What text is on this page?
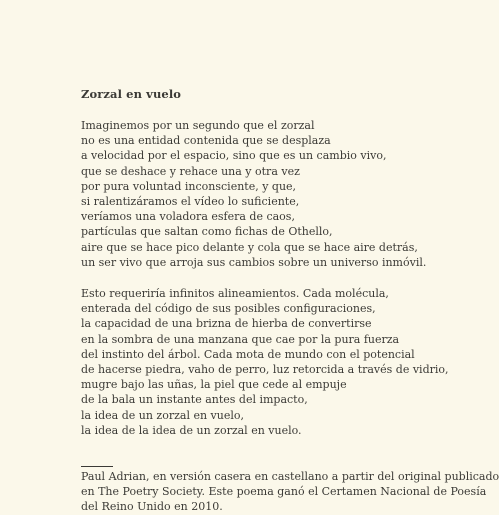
Zorzal en vuelo
Imaginemos por un segundo que el zorzal
no es una entidad contenida que se desplaza
a velocidad por el espacio, sino que es un cambio vivo,
que se deshace y rehace una y otra vez
por pura voluntad inconsciente, y que,
si ralentizáramos el vídeo lo suficiente,
veríamos una voladora esfera de caos,
partículas que saltan como fichas de Othello,
aire que se hace pico delante y cola que se hace aire detrás,
un ser vivo que arroja sus cambios sobre un universo inmóvil.
Esto requeriría infinitos alineamientos. Cada molécula,
enterada del código de sus posibles configuraciones,
la capacidad de una brizna de hierba de convertirse
en la sombra de una manzana que cae por la pura fuerza
del instinto del árbol. Cada mota de mundo con el potencial
de hacerse piedra, vaho de perro, luz retorcida a través de vidrio,
mugre bajo las uñas, la piel que cede al empuje
de la bala un instante antes del impacto,
la idea de un zorzal en vuelo,
la idea de la idea de un zorzal en vuelo.
Paul Adrian, en versión casera en castellano a partir del original publicado
en The Poetry Society. Este poema ganó el Certamen Nacional de Poesía
del Reino Unido en 2010.
